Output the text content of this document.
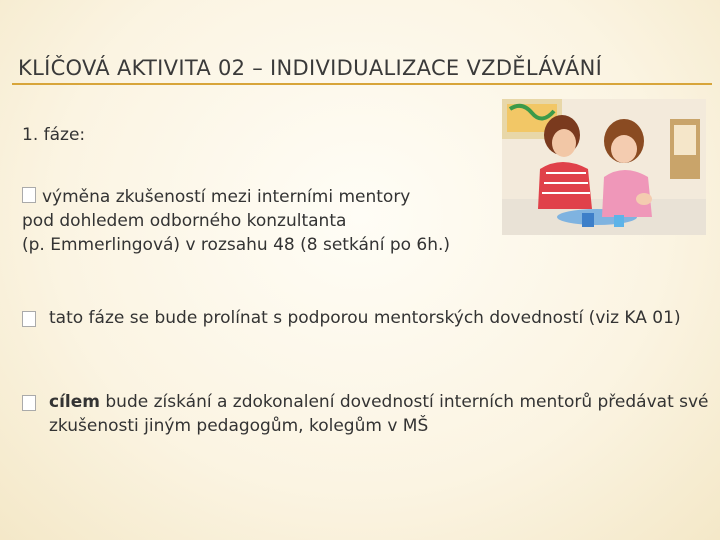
KLÍČOVÁ AKTIVITA 02 – INDIVIDUALIZACE VZDĚLÁVÁNÍ
1. fáze:
výměna zkušeností mezi interními mentory
pod dohledem odborného konzultanta
(p. Emmerlingová) v rozsahu 48 (8 setkání po 6h.)
tato fáze se bude prolínat s podporou mentorských dovedností (viz KA 01)
cílem bude získání a zdokonalení dovedností interních mentorů předávat své zkušenosti jiným pedagogům, kolegům v MŠ
